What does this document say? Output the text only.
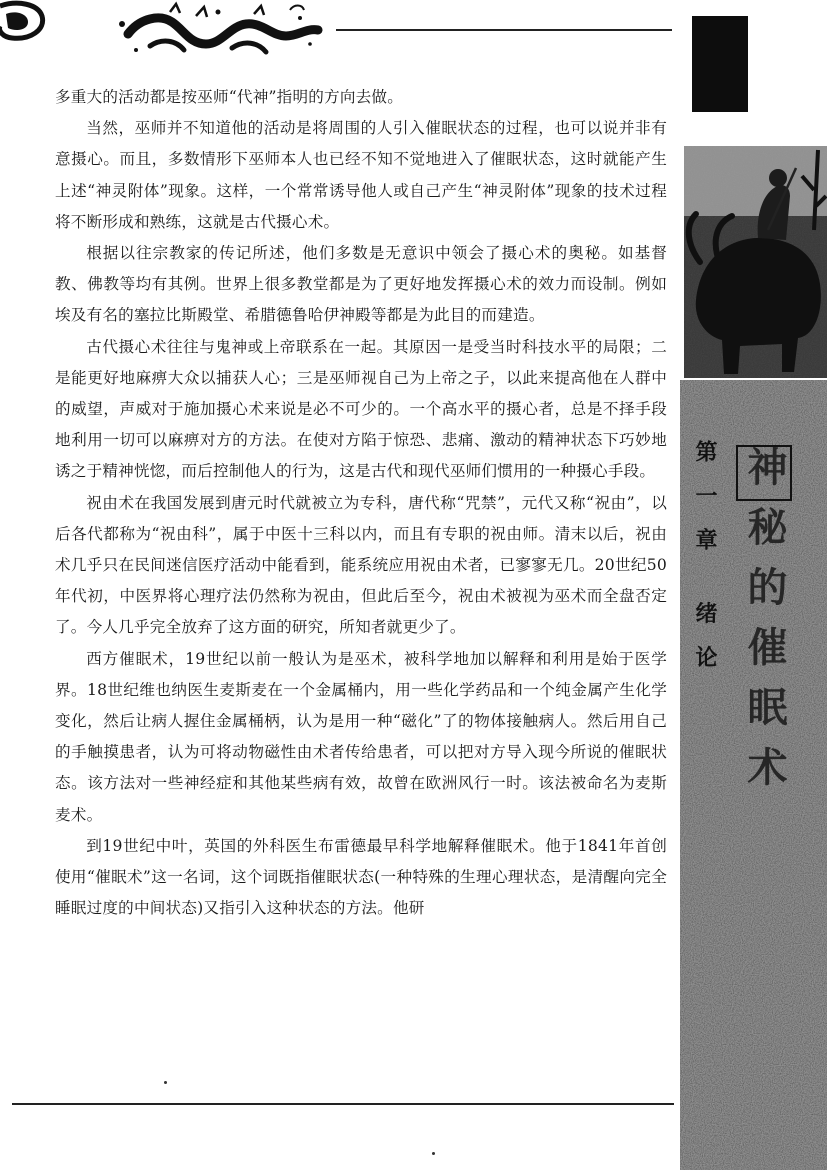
多重大的活动都是按巫师“代神”指明的方向去做。

当然，巫师并不知道他的活动是将周围的人引入催眠状态的过程，也可以说并非有意摄心。而且，多数情形下巫师本人也已经不知不觉地进入了催眠状态，这时就能产生上述“神灵附体”现象。这样，一个常常诱导他人或自己产生“神灵附体”现象的技术过程将不断形成和熟练，这就是古代摄心术。

根据以往宗教家的传记所述，他们多数是无意识中领会了摄心术的奥秘。如基督教、佛教等均有其例。世界上很多教堂都是为了更好地发挥摄心术的效力而设制。例如埃及有名的塞拉比斯殿堂、希腊德鲁哈伊神殿等都是为此目的而建造。

古代摄心术往往与鬼神或上帝联系在一起。其原因一是受当时科技水平的局限；二是能更好地麻痹大众以捕获人心；三是巫师视自己为上帝之子，以此来提高他在人群中的威望，声威对于施加摄心术来说是必不可少的。一个高水平的摄心者，总是不择手段地利用一切可以麻痹对方的方法。在使对方陷于惊恐、悲痛、激动的精神状态下巧妙地诱之于精神恍惚，而后控制他人的行为，这是古代和现代巫师们惯用的一种摄心手段。

祝由术在我国发展到唐元时代就被立为专科，唐代称“咒禁”，元代又称“祝由”，以后各代都称为“祝由科”，属于中医十三科以内，而且有专职的祝由师。清末以后，祝由术几乎只在民间迷信医疗活动中能看到，能系统应用祝由术者，已寥寥无几。20世纪50年代初，中医界将心理疗法仍然称为祝由，但此后至今，祝由术被视为巫术而全盘否定了。今人几乎完全放弃了这方面的研究，所知者就更少了。

西方催眠术，19世纪以前一般认为是巫术，被科学地加以解释和利用是始于医学界。18世纪维也纳医生麦斯麦在一个金属桶内，用一些化学药品和一个纯金属产生化学变化，然后让病人握住金属桶柄，认为是用一种“磁化”了的物体接触病人。然后用自己的手触摸患者，认为可将动物磁性由术者传给患者，可以把对方导入现今所说的催眠状态。该方法对一些神经症和其他某些病有效，故曾在欧洲风行一时。该法被命名为麦斯麦术。

到19世纪中叶，英国的外科医生布雷德最早科学地解释催眠术。他于1841年首创使用“催眠术”这一名词，这个词既指催眠状态(一种特殊的生理心理状态，是清醒向完全睡眠过度的中间状态)又指引入这种状态的方法。他研

第一章 绪论 神秘的催眠术
